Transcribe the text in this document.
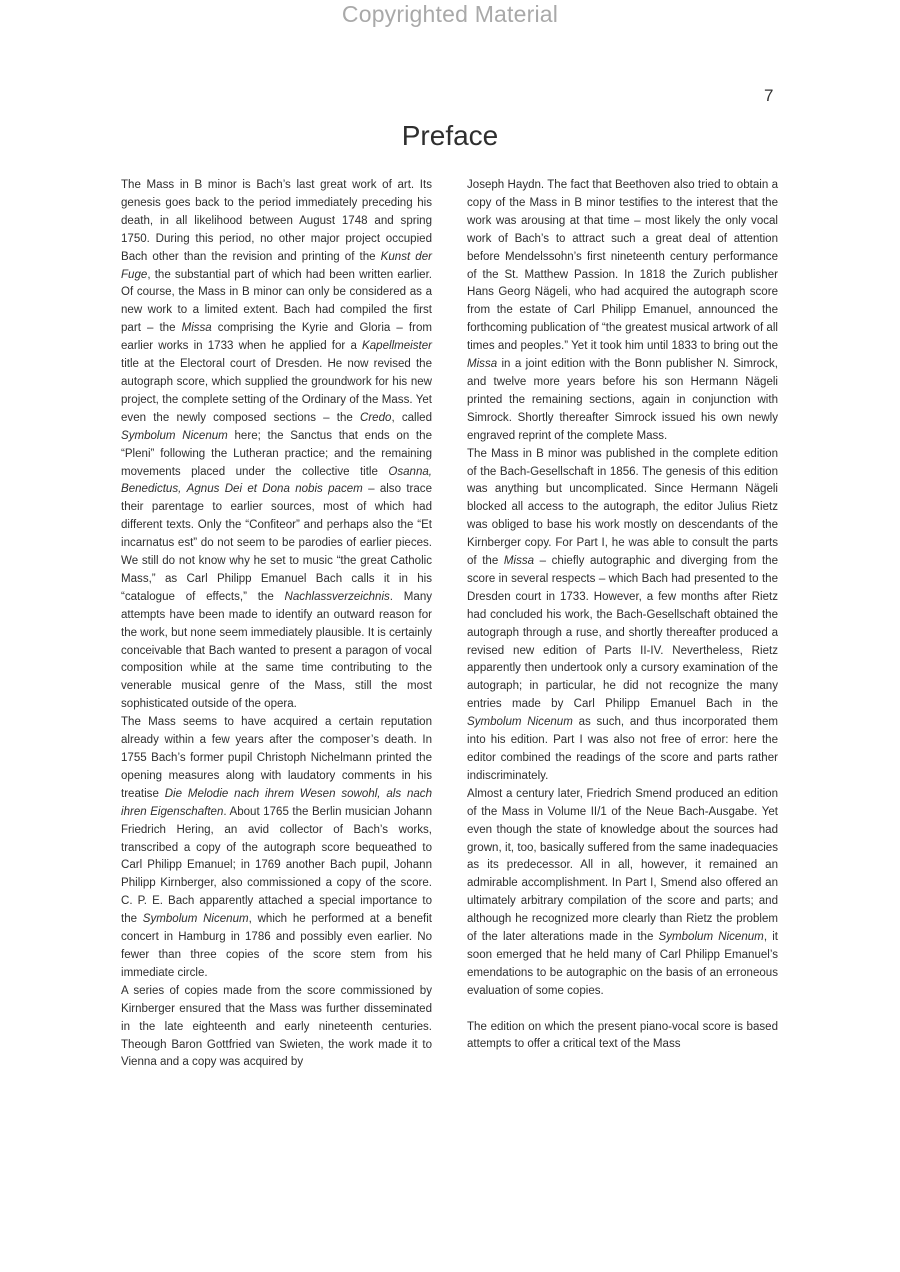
Copyrighted Material
7
Preface

The Mass in B minor is Bach’s last great work of art. Its genesis goes back to the period immediately preceding his death, in all likelihood between August 1748 and spring 1750. During this period, no other major project occupied Bach other than the revision and printing of the Kunst der Fuge, the substantial part of which had been written earlier. Of course, the Mass in B minor can only be considered as a new work to a limited extent. Bach had compiled the first part – the Missa comprising the Kyrie and Gloria – from earlier works in 1733 when he applied for a Kapellmeister title at the Electoral court of Dresden. He now revised the autograph score, which supplied the groundwork for his new project, the complete setting of the Ordinary of the Mass. Yet even the newly composed sections – the Credo, called Symbolum Nicenum here; the Sanctus that ends on the “Pleni” following the Lutheran practice; and the remaining movements placed under the collective title Osanna, Benedictus, Agnus Dei et Dona nobis pacem – also trace their parentage to earlier sources, most of which had different texts. Only the “Confiteor” and perhaps also the “Et incarnatus est” do not seem to be parodies of earlier pieces. We still do not know why he set to music “the great Catholic Mass,” as Carl Philipp Emanuel Bach calls it in his “catalogue of effects,” the Nachlassverzeichnis. Many attempts have been made to identify an outward reason for the work, but none seem immediately plausible. It is certainly conceivable that Bach wanted to present a paragon of vocal composition while at the same time contributing to the venerable musical genre of the Mass, still the most sophisticated outside of the opera.

The Mass seems to have acquired a certain reputation already within a few years after the composer’s death. In 1755 Bach’s former pupil Christoph Nichelmann printed the opening measures along with laudatory comments in his treatise Die Melodie nach ihrem Wesen sowohl, als nach ihren Eigenschaften. About 1765 the Berlin musician Johann Friedrich Hering, an avid collector of Bach’s works, transcribed a copy of the autograph score bequeathed to Carl Philipp Emanuel; in 1769 another Bach pupil, Johann Philipp Kirnberger, also commissioned a copy of the score. C. P. E. Bach apparently attached a special importance to the Symbolum Nicenum, which he performed at a benefit concert in Hamburg in 1786 and possibly even earlier. No fewer than three copies of the score stem from his immediate circle.

A series of copies made from the score commissioned by Kirnberger ensured that the Mass was further disseminated in the late eighteenth and early nineteenth centuries. Theough Baron Gottfried van Swieten, the work made it to Vienna and a copy was acquired by

Joseph Haydn. The fact that Beethoven also tried to obtain a copy of the Mass in B minor testifies to the interest that the work was arousing at that time – most likely the only vocal work of Bach’s to attract such a great deal of attention before Mendelssohn’s first nineteenth century performance of the St. Matthew Passion. In 1818 the Zurich publisher Hans Georg Nägeli, who had acquired the autograph score from the estate of Carl Philipp Emanuel, announced the forthcoming publication of “the greatest musical artwork of all times and peoples.” Yet it took him until 1833 to bring out the Missa in a joint edition with the Bonn publisher N. Simrock, and twelve more years before his son Hermann Nägeli printed the remaining sections, again in conjunction with Simrock. Shortly thereafter Simrock issued his own newly engraved reprint of the complete Mass.

The Mass in B minor was published in the complete edition of the Bach-Gesellschaft in 1856. The genesis of this edition was anything but uncomplicated. Since Hermann Nägeli blocked all access to the autograph, the editor Julius Rietz was obliged to base his work mostly on descendants of the Kirnberger copy. For Part I, he was able to consult the parts of the Missa – chiefly autographic and diverging from the score in several respects – which Bach had presented to the Dresden court in 1733. However, a few months after Rietz had concluded his work, the Bach-Gesellschaft obtained the autograph through a ruse, and shortly thereafter produced a revised new edition of Parts II-IV. Nevertheless, Rietz apparently then undertook only a cursory examination of the autograph; in particular, he did not recognize the many entries made by Carl Philipp Emanuel Bach in the Symbolum Nicenum as such, and thus incorporated them into his edition. Part I was also not free of error: here the editor combined the readings of the score and parts rather indiscriminately.

Almost a century later, Friedrich Smend produced an edition of the Mass in Volume II/1 of the Neue Bach-Ausgabe. Yet even though the state of knowledge about the sources had grown, it, too, basically suffered from the same inadequacies as its predecessor. All in all, however, it remained an admirable accomplishment. In Part I, Smend also offered an ultimately arbitrary compilation of the score and parts; and although he recognized more clearly than Rietz the problem of the later alterations made in the Symbolum Nicenum, it soon emerged that he held many of Carl Philipp Emanuel’s emendations to be autographic on the basis of an erroneous evaluation of some copies.

The edition on which the present piano-vocal score is based attempts to offer a critical text of the Mass
